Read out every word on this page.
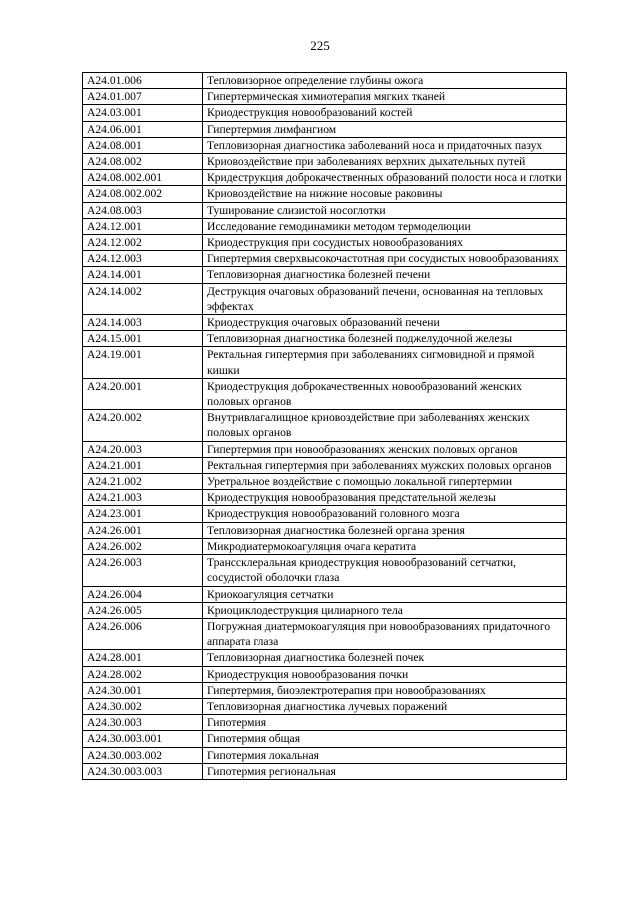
225
A24.01.006	Тепловизорное определение глубины ожога
A24.01.007	Гипертермическая химиотерапия мягких тканей
A24.03.001	Криодеструкция новообразований костей
A24.06.001	Гипертермия лимфангиом
A24.08.001	Тепловизорная диагностика заболеваний носа и придаточных пазух
A24.08.002	Криовоздействие при заболеваниях верхних дыхательных путей
A24.08.002.001	Кридеструкция доброкачественных образований полости носа и глотки
A24.08.002.002	Криовоздействие на нижние носовые раковины
A24.08.003	Туширование слизистой носоглотки
A24.12.001	Исследование гемодинамики методом термоделюции
A24.12.002	Криодеструкция при сосудистых новообразованиях
A24.12.003	Гипертермия сверхвысокочастотная при сосудистых новообразованиях
A24.14.001	Тепловизорная диагностика болезней печени
A24.14.002	Деструкция очаговых образований печени, основанная на тепловых эффектах
A24.14.003	Криодеструкция очаговых образований печени
A24.15.001	Тепловизорная диагностика болезней поджелудочной железы
A24.19.001	Ректальная гипертермия при заболеваниях сигмовидной и прямой кишки
A24.20.001	Криодеструкция доброкачественных новообразований женских половых органов
A24.20.002	Внутривлагалищное криовоздействие при заболеваниях женских половых органов
A24.20.003	Гипертермия при новообразованиях женских половых органов
A24.21.001	Ректальная гипертермия при заболеваниях мужских половых органов
A24.21.002	Уретральное воздействие с помощью локальной гипертермии
A24.21.003	Криодеструкция новообразования предстательной железы
A24.23.001	Криодеструкция новообразований головного мозга
A24.26.001	Тепловизорная диагностика болезней органа зрения
A24.26.002	Микродиатермокоагуляция очага кератита
A24.26.003	Транссклеральная криодеструкция новообразований сетчатки, сосудистой оболочки глаза
A24.26.004	Криокоагуляция сетчатки
A24.26.005	Криоциклодеструкция цилиарного тела
A24.26.006	Погружная диатермокоагуляция при новообразованиях придаточного аппарата глаза
A24.28.001	Тепловизорная диагностика болезней почек
A24.28.002	Криодеструкция новообразования почки
A24.30.001	Гипертермия, биоэлектротерапия при новообразованиях
A24.30.002	Тепловизорная диагностика лучевых поражений
A24.30.003	Гипотермия
A24.30.003.001	Гипотермия общая
A24.30.003.002	Гипотермия локальная
A24.30.003.003	Гипотермия региональная
